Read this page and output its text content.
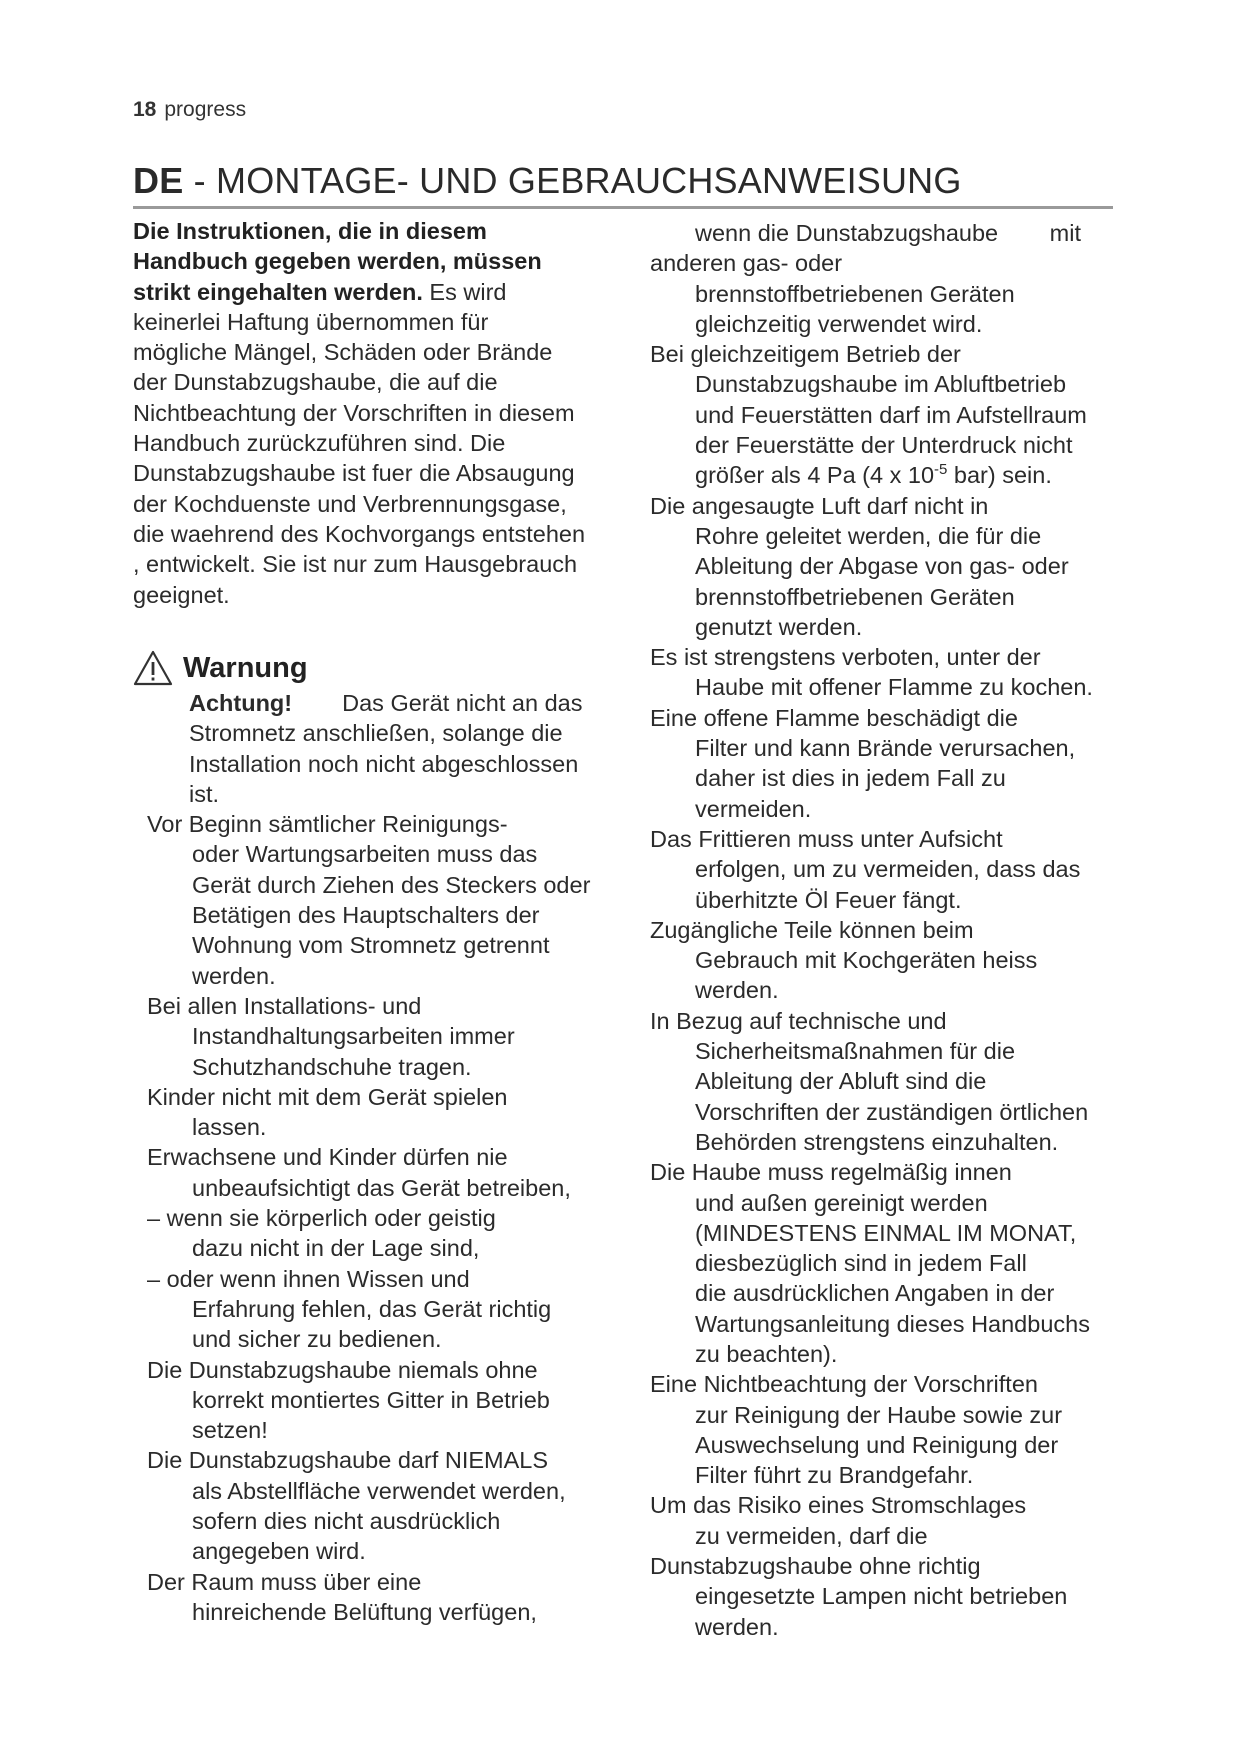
18 progress
DE - MONTAGE- UND GEBRAUCHSANWEISUNG
Die Instruktionen, die in diesem
Handbuch gegeben werden, müssen
strikt eingehalten werden. Es wird
keinerlei Haftung übernommen für
mögliche Mängel, Schäden oder Brände
der Dunstabzugshaube, die auf die
Nichtbeachtung der Vorschriften in diesem
Handbuch zurückzuführen sind. Die
Dunstabzugshaube ist fuer die Absaugung
der Kochduenste und Verbrennungsgase,
die waehrend des Kochvorgangs entstehen
, entwickelt. Sie ist nur zum Hausgebrauch
geeignet.
Warnung
Achtung! Das Gerät nicht an das
Stromnetz anschließen, solange die
Installation noch nicht abgeschlossen
ist.
Vor Beginn sämtlicher Reinigungs-
oder Wartungsarbeiten muss das
Gerät durch Ziehen des Steckers oder
Betätigen des Hauptschalters der
Wohnung vom Stromnetz getrennt
werden.
Bei allen Installations- und
Instandhaltungsarbeiten immer
Schutzhandschuhe tragen.
Kinder nicht mit dem Gerät spielen
lassen.
Erwachsene und Kinder dürfen nie
unbeaufsichtigt das Gerät betreiben,
– wenn sie körperlich oder geistig
dazu nicht in der Lage sind,
– oder wenn ihnen Wissen und
Erfahrung fehlen, das Gerät richtig
und sicher zu bedienen.
Die Dunstabzugshaube niemals ohne
korrekt montiertes Gitter in Betrieb
setzen!
Die Dunstabzugshaube darf NIEMALS
als Abstellfläche verwendet werden,
sofern dies nicht ausdrücklich
angegeben wird.
Der Raum muss über eine
hinreichende Belüftung verfügen,
wenn die Dunstabzugshaube mit anderen gas- oder brennstoffbetriebenen Geräten gleichzeitig verwendet wird.
Bei gleichzeitigem Betrieb der
Dunstabzugshaube im Abluftbetrieb
und Feuerstätten darf im Aufstellraum
der Feuerstätte der Unterdruck nicht
größer als 4 Pa (4 x $10^{-5}$ bar) sein.
Die angesaugte Luft darf nicht in
Rohre geleitet werden, die für die
Ableitung der Abgase von gas- oder
brennstoffbetriebenen Geräten
genutzt werden.
Es ist strengstens verboten, unter der
Haube mit offener Flamme zu kochen.
Eine offene Flamme beschädigt die
Filter und kann Brände verursachen,
daher ist dies in jedem Fall zu
vermeiden.
Das Frittieren muss unter Aufsicht
erfolgen, um zu vermeiden, dass das
überhitzte Öl Feuer fängt.
Zugängliche Teile können beim
Gebrauch mit Kochgeräten heiss
werden.
In Bezug auf technische und
Sicherheitsmaßnahmen für die
Ableitung der Abluft sind die
Vorschriften der zuständigen örtlichen
Behörden strengstens einzuhalten.
Die Haube muss regelmäßig innen
und außen gereinigt werden
(MINDESTENS EINMAL IM MONAT,
diesbezüglich sind in jedem Fall
die ausdrücklichen Angaben in der
Wartungsanleitung dieses Handbuchs
zu beachten).
Eine Nichtbeachtung der Vorschriften
zur Reinigung der Haube sowie zur
Auswechselung und Reinigung der
Filter führt zu Brandgefahr.
Um das Risiko eines Stromschlages
zu vermeiden, darf die
Dunstabzugshaube ohne richtig
eingesetzte Lampen nicht betrieben
werden.
